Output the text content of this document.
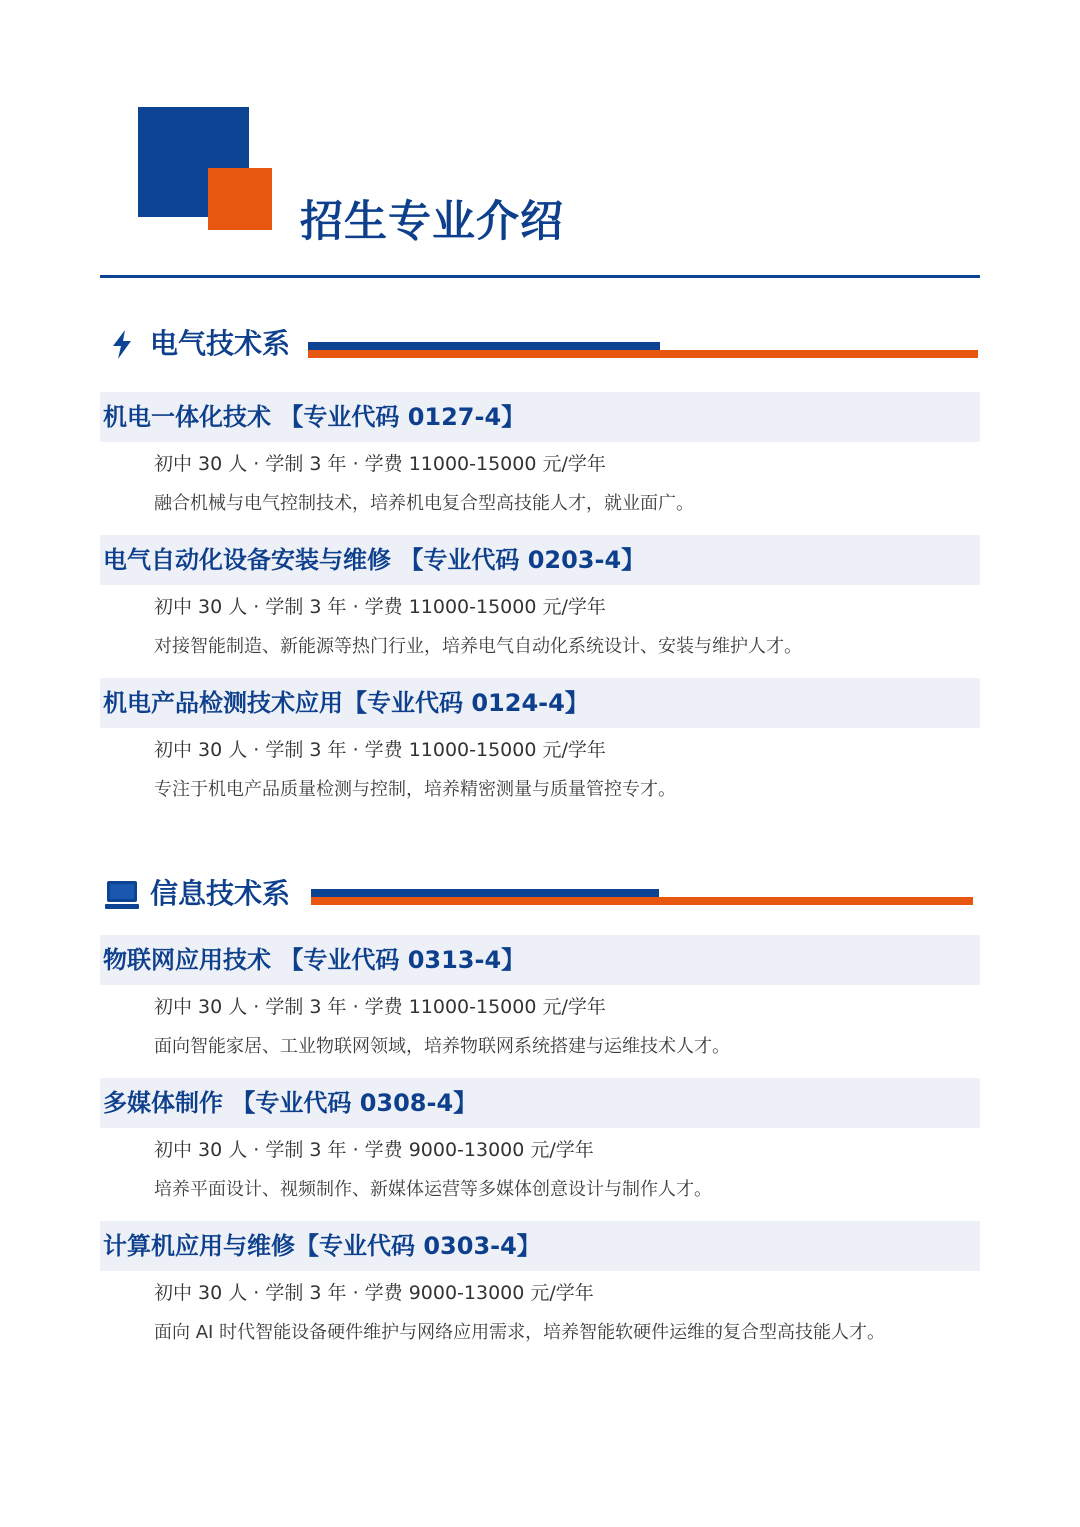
招生专业介绍
电气技术系
机电一体化技术 【专业代码 0127-4】
初中 30 人 · 学制 3 年 · 学费 11000-15000 元/学年
融合机械与电气控制技术，培养机电复合型高技能人才，就业面广。
电气自动化设备安装与维修 【专业代码 0203-4】
初中 30 人 · 学制 3 年 · 学费 11000-15000 元/学年
对接智能制造、新能源等热门行业，培养电气自动化系统设计、安装与维护人才。
机电产品检测技术应用【专业代码 0124-4】
初中 30 人 · 学制 3 年 · 学费 11000-15000 元/学年
专注于机电产品质量检测与控制，培养精密测量与质量管控专才。
信息技术系
物联网应用技术 【专业代码 0313-4】
初中 30 人 · 学制 3 年 · 学费 11000-15000 元/学年
面向智能家居、工业物联网领域，培养物联网系统搭建与运维技术人才。
多媒体制作 【专业代码 0308-4】
初中 30 人 · 学制 3 年 · 学费 9000-13000 元/学年
培养平面设计、视频制作、新媒体运营等多媒体创意设计与制作人才。
计算机应用与维修【专业代码 0303-4】
初中 30 人 · 学制 3 年 · 学费 9000-13000 元/学年
面向 AI 时代智能设备硬件维护与网络应用需求，培养智能软硬件运维的复合型高技能人才。
